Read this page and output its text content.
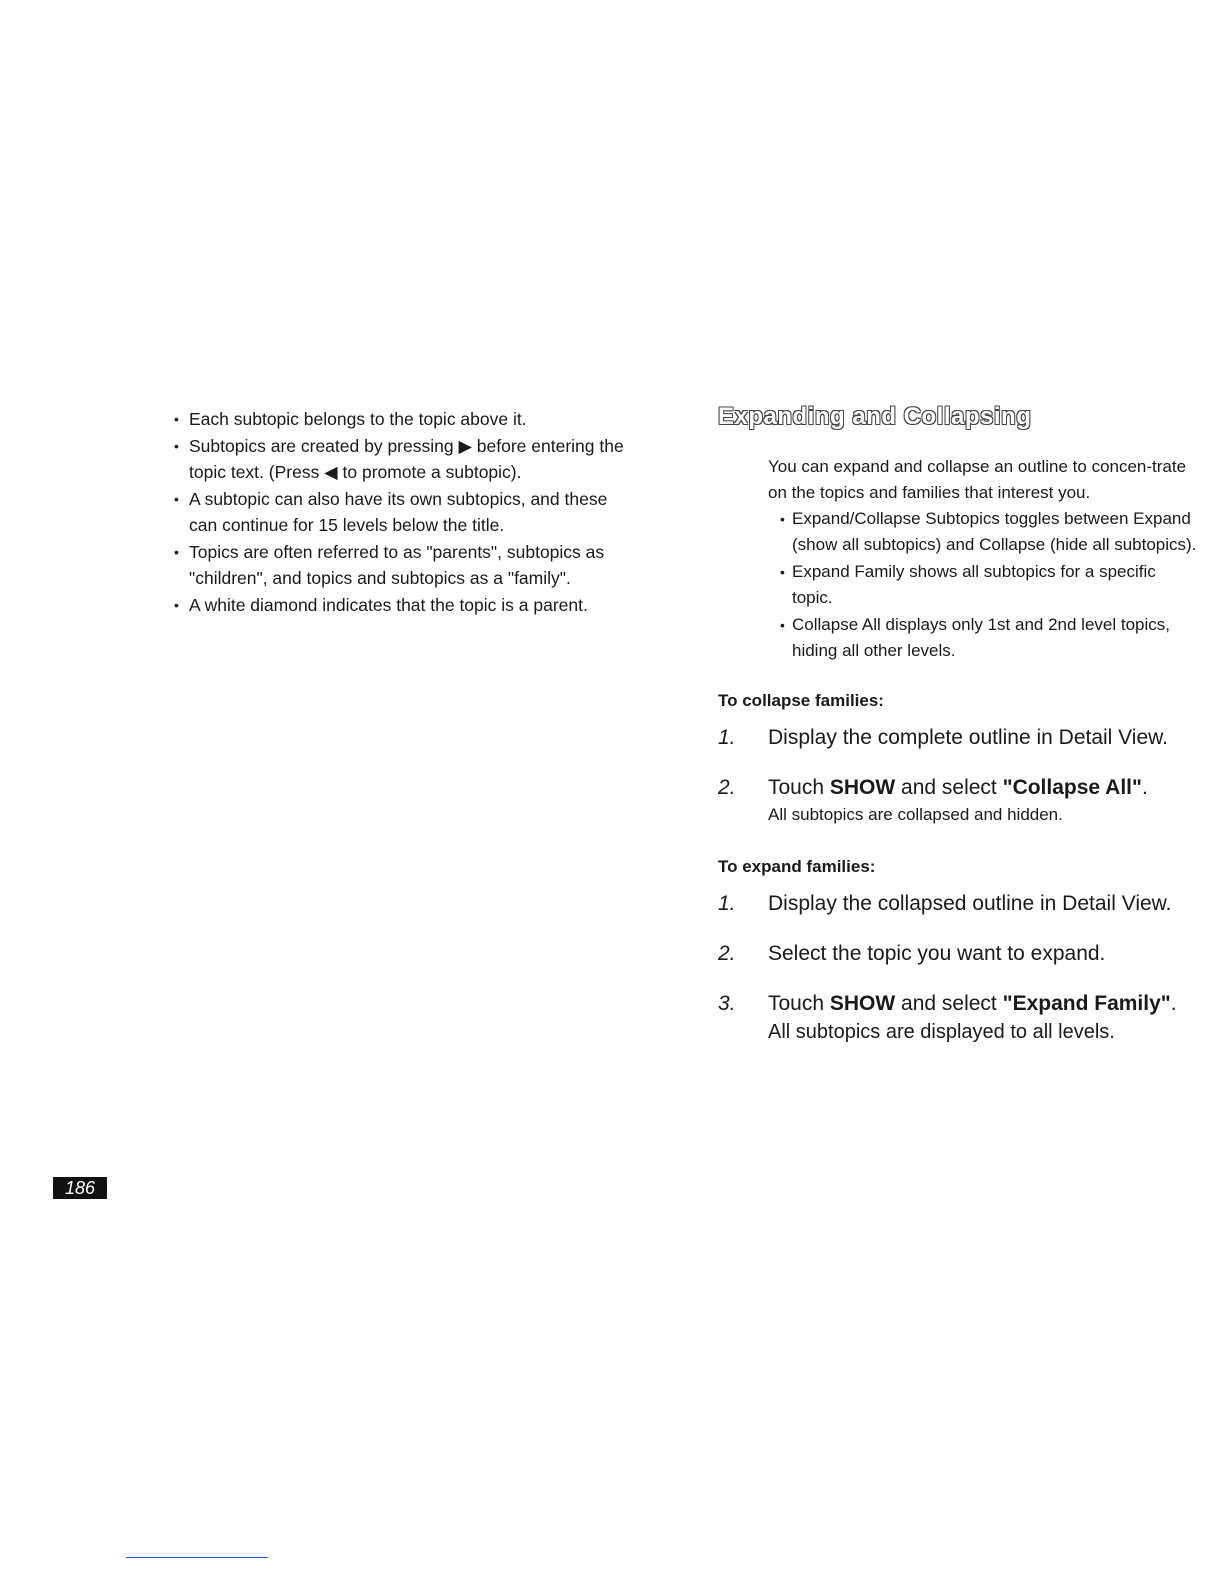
• Each subtopic belongs to the topic above it.
• Subtopics are created by pressing ▶ before entering the topic text. (Press ◀ to promote a subtopic).
• A subtopic can also have its own subtopics, and these can continue for 15 levels below the title.
• Topics are often referred to as "parents", subtopics as "children", and topics and subtopics as a "family".
• A white diamond indicates that the topic is a parent.
Expanding and Collapsing
You can expand and collapse an outline to concen-trate on the topics and families that interest you.
• Expand/Collapse Subtopics toggles between Expand (show all subtopics) and Collapse (hide all subtopics).
• Expand Family shows all subtopics for a specific topic.
• Collapse All displays only 1st and 2nd level topics, hiding all other levels.
To collapse families:
1. Display the complete outline in Detail View.
2. Touch SHOW and select "Collapse All".
All subtopics are collapsed and hidden.
To expand families:
1. Display the collapsed outline in Detail View.
2. Select the topic you want to expand.
3. Touch SHOW and select "Expand Family".
All subtopics are displayed to all levels.
186
